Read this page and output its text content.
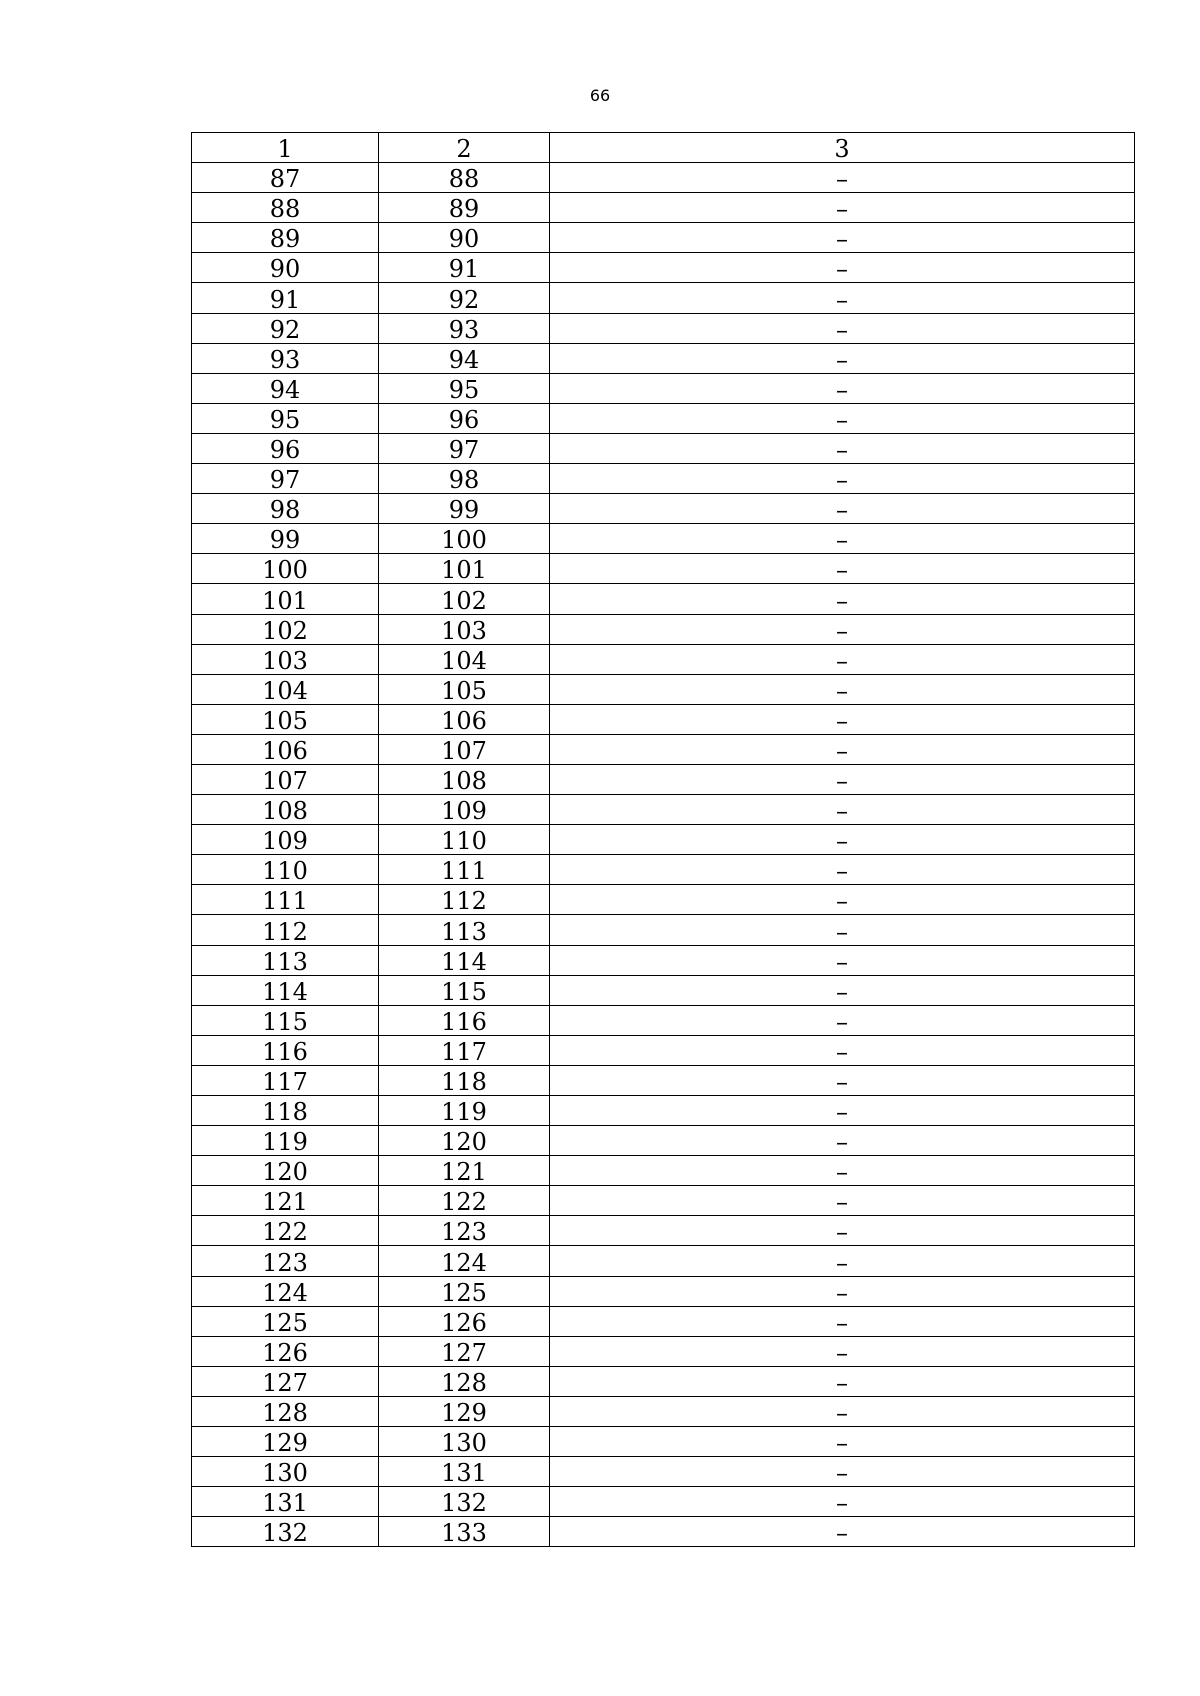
66
1	2	3
87	88	–
88	89	–
89	90	–
90	91	–
91	92	–
92	93	–
93	94	–
94	95	–
95	96	–
96	97	–
97	98	–
98	99	–
99	100	–
100	101	–
101	102	–
102	103	–
103	104	–
104	105	–
105	106	–
106	107	–
107	108	–
108	109	–
109	110	–
110	111	–
111	112	–
112	113	–
113	114	–
114	115	–
115	116	–
116	117	–
117	118	–
118	119	–
119	120	–
120	121	–
121	122	–
122	123	–
123	124	–
124	125	–
125	126	–
126	127	–
127	128	–
128	129	–
129	130	–
130	131	–
131	132	–
132	133	–
